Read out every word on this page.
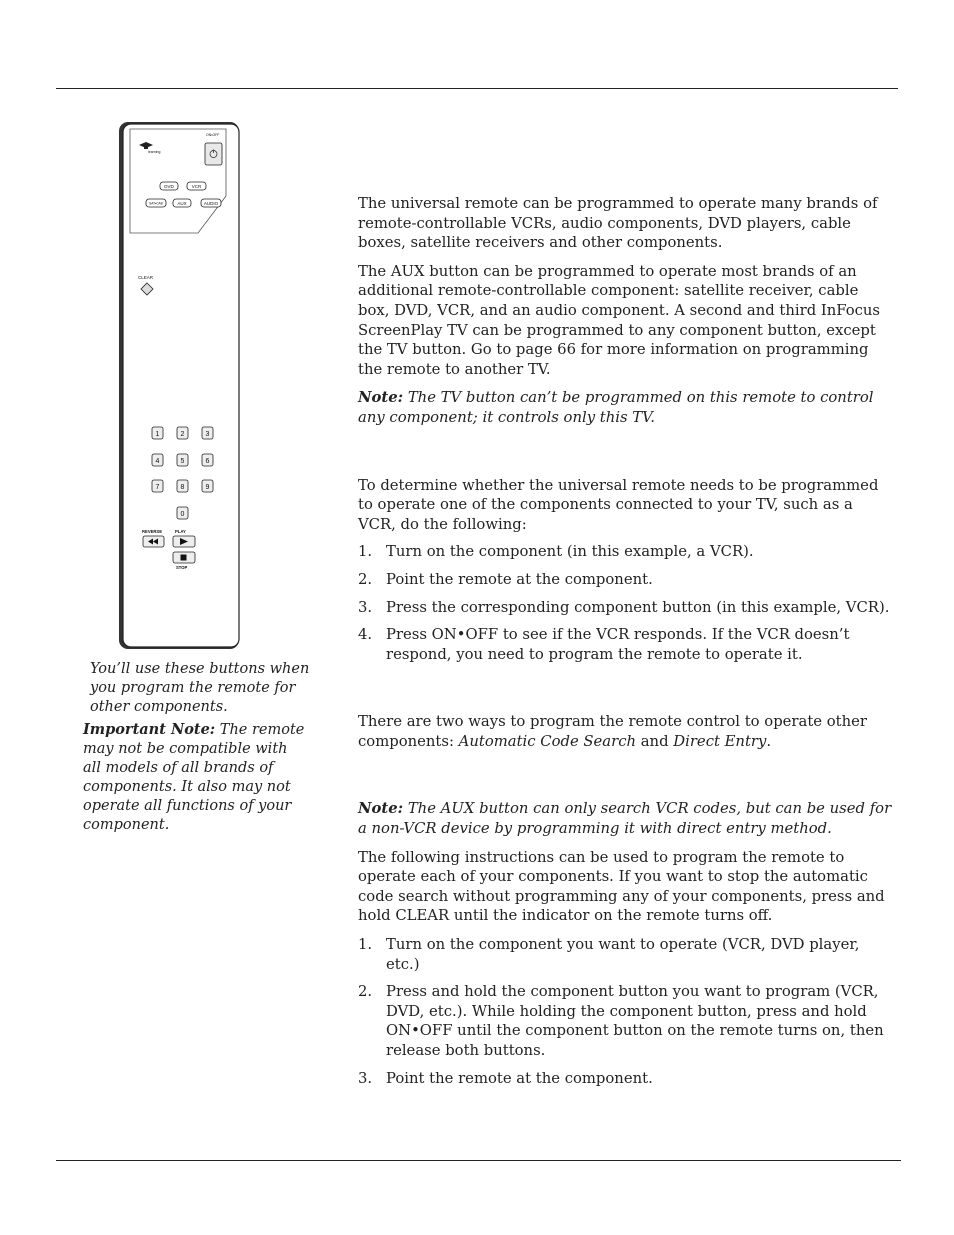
learning
ON•OFF
DVD	VCR
SAT•CAB	AUX	AUDIO
CLEAR
1	2	3
4	5	6
7	8	9
0
REVERSE	PLAY
STOP
You’ll use these buttons when you program the remote for other components.
Important Note: The remote may not be compatible with all models of all brands of components. It also may not operate all functions of your component.

The universal remote can be programmed to operate many brands of remote-controllable VCRs, audio components, DVD players, cable boxes, satellite receivers and other components.

The AUX button can be programmed to operate most brands of an additional remote-controllable component: satellite receiver, cable box, DVD, VCR, and an audio component. A second and third InFocus ScreenPlay TV can be programmed to any component button, except the TV button. Go to page 66 for more information on programming the remote to another TV.

Note: The TV button can’t be programmed on this remote to control any component; it controls only this TV.

To determine whether the universal remote needs to be programmed to operate one of the components connected to your TV, such as a VCR, do the following:

1. Turn on the component (in this example, a VCR).
2. Point the remote at the component.
3. Press the corresponding component button (in this example, VCR).
4. Press ON•OFF to see if the VCR responds. If the VCR doesn’t respond, you need to program the remote to operate it.

There are two ways to program the remote control to operate other components: Automatic Code Search and Direct Entry.

Note: The AUX button can only search VCR codes, but can be used for a non-VCR device by programming it with direct entry method.

The following instructions can be used to program the remote to operate each of your components. If you want to stop the automatic code search without programming any of your components, press and hold CLEAR until the indicator on the remote turns off.

1. Turn on the component you want to operate (VCR, DVD player, etc.)
2. Press and hold the component button you want to program (VCR, DVD, etc.). While holding the component button, press and hold ON•OFF until the component button on the remote turns on, then release both buttons.
3. Point the remote at the component.
